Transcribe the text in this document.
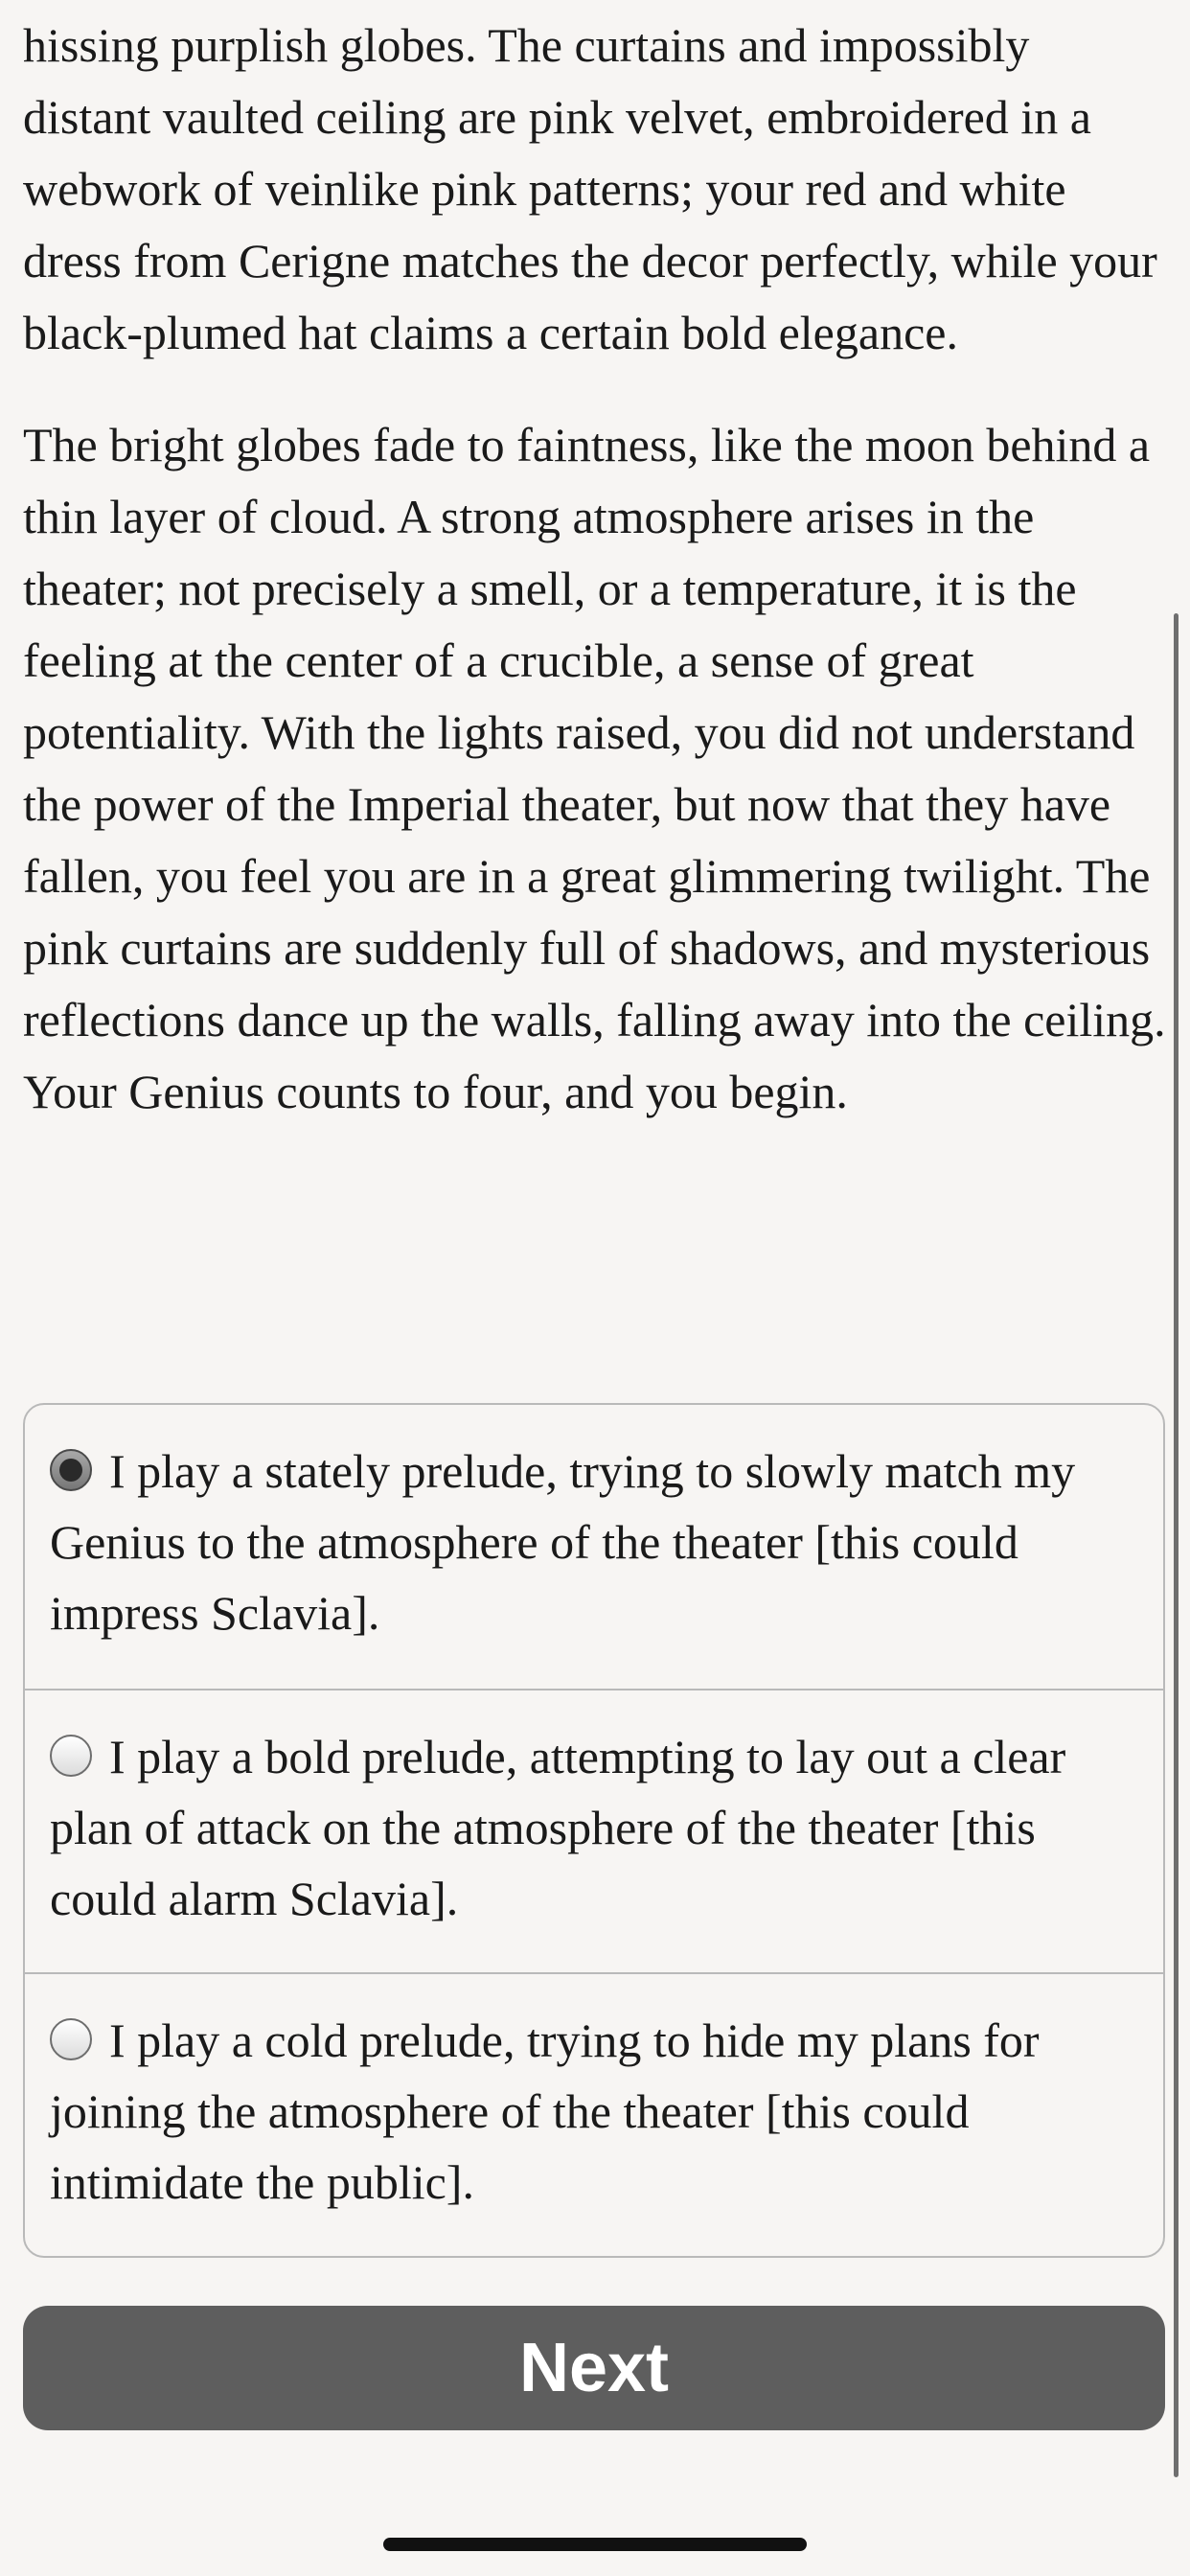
hissing purplish globes. The curtains and impossibly distant vaulted ceiling are pink velvet, embroidered in a webwork of veinlike pink patterns; your red and white dress from Cerigne matches the decor perfectly, while your black-plumed hat claims a certain bold elegance.

The bright globes fade to faintness, like the moon behind a thin layer of cloud. A strong atmosphere arises in the theater; not precisely a smell, or a temperature, it is the feeling at the center of a crucible, a sense of great potentiality. With the lights raised, you did not understand the power of the Imperial theater, but now that they have fallen, you feel you are in a great glimmering twilight. The pink curtains are suddenly full of shadows, and mysterious reflections dance up the walls, falling away into the ceiling. Your Genius counts to four, and you begin.

I play a stately prelude, trying to slowly match my Genius to the atmosphere of the theater [this could impress Sclavia].
I play a bold prelude, attempting to lay out a clear plan of attack on the atmosphere of the theater [this could alarm Sclavia].
I play a cold prelude, trying to hide my plans for joining the atmosphere of the theater [this could intimidate the public].
Next
